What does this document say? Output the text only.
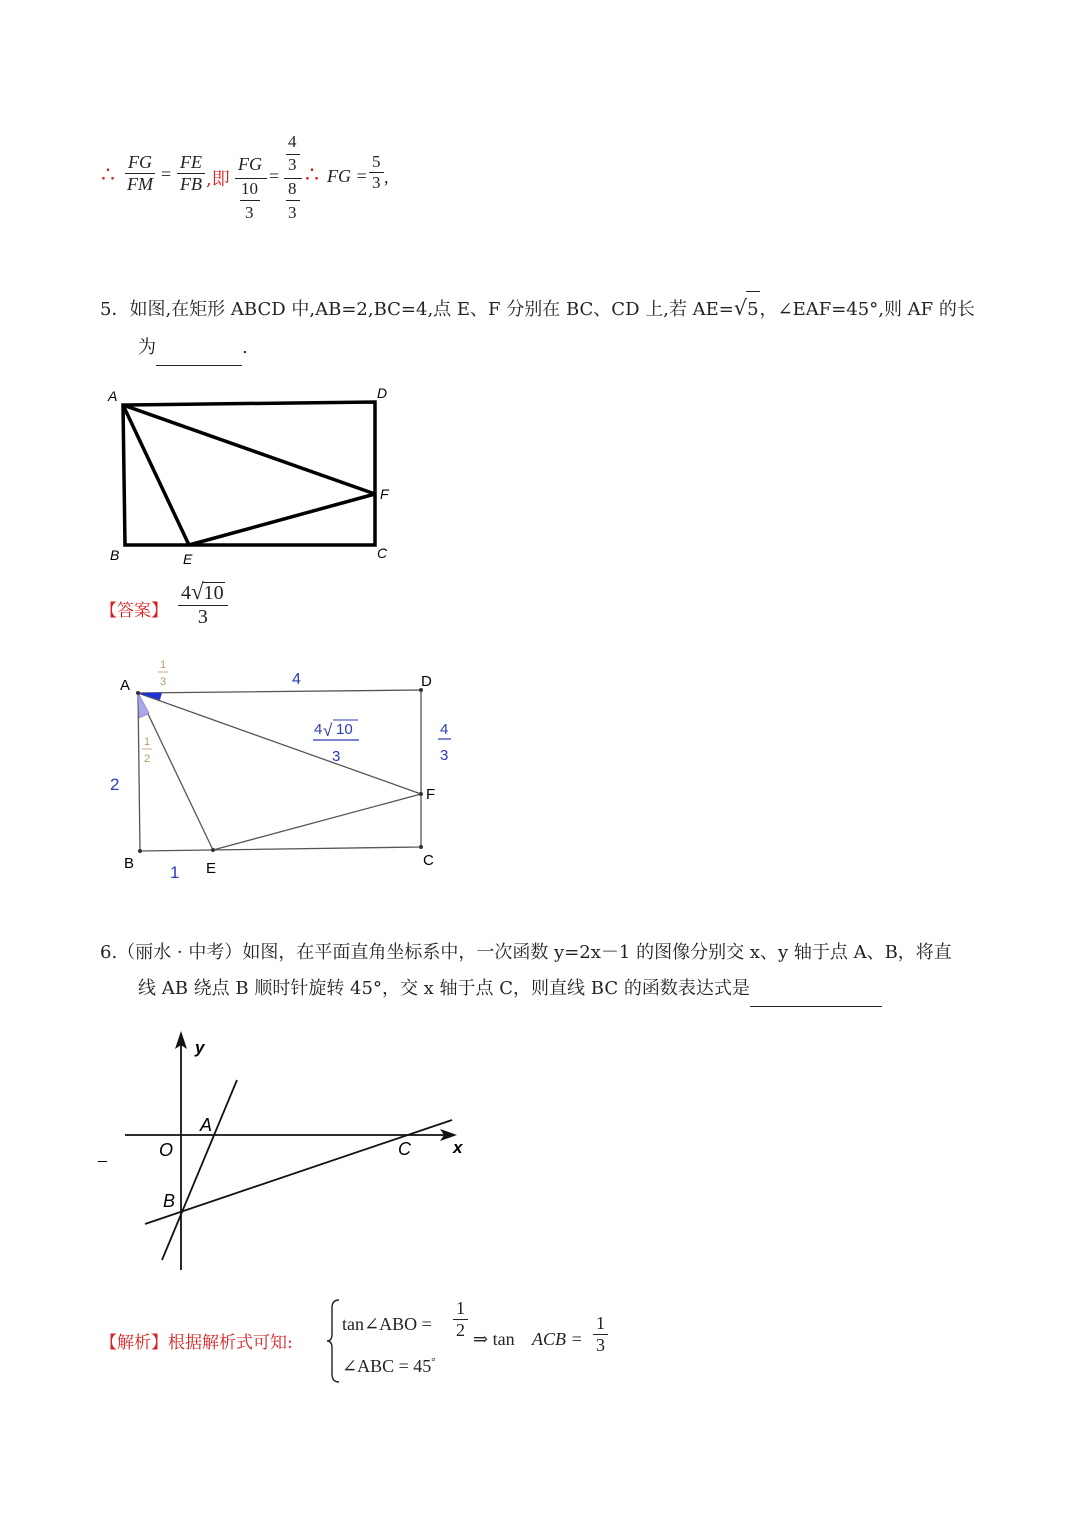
∴ $\frac{FG}{FM} = \frac{FE}{FB}$ ,即
FG
10
3
=
4
3
8
3
∴ FG = $\frac{5}{3}$ ,
5．如图,在矩形 ABCD 中,AB=2,BC=4,点 E、F 分别在 BC、CD 上,若 AE=√5，∠EAF=45°,则 AF 的长
为	.
A	D
F
B	E	C
【答案】 $\frac{4√10}{3}$
A	D
F
B	E	C
4
2
1
4
3
4 √ 10
3
1
3
1
2
6.（丽水 · 中考）如图，在平面直角坐标系中，一次函数 y=2x－1 的图像分别交 x、y 轴于点 A、B，将直
线 AB 绕点 B 顺时针旋转 45°，交 x 轴于点 C，则直线 BC 的函数表达式是
y
x
O
A
B
C
_
【解析】根据解析式可知:
tan∠ABO = $\frac{1}{2}$
∠ABC = 45°
⇒ tan ACB = $\frac{1}{3}$
